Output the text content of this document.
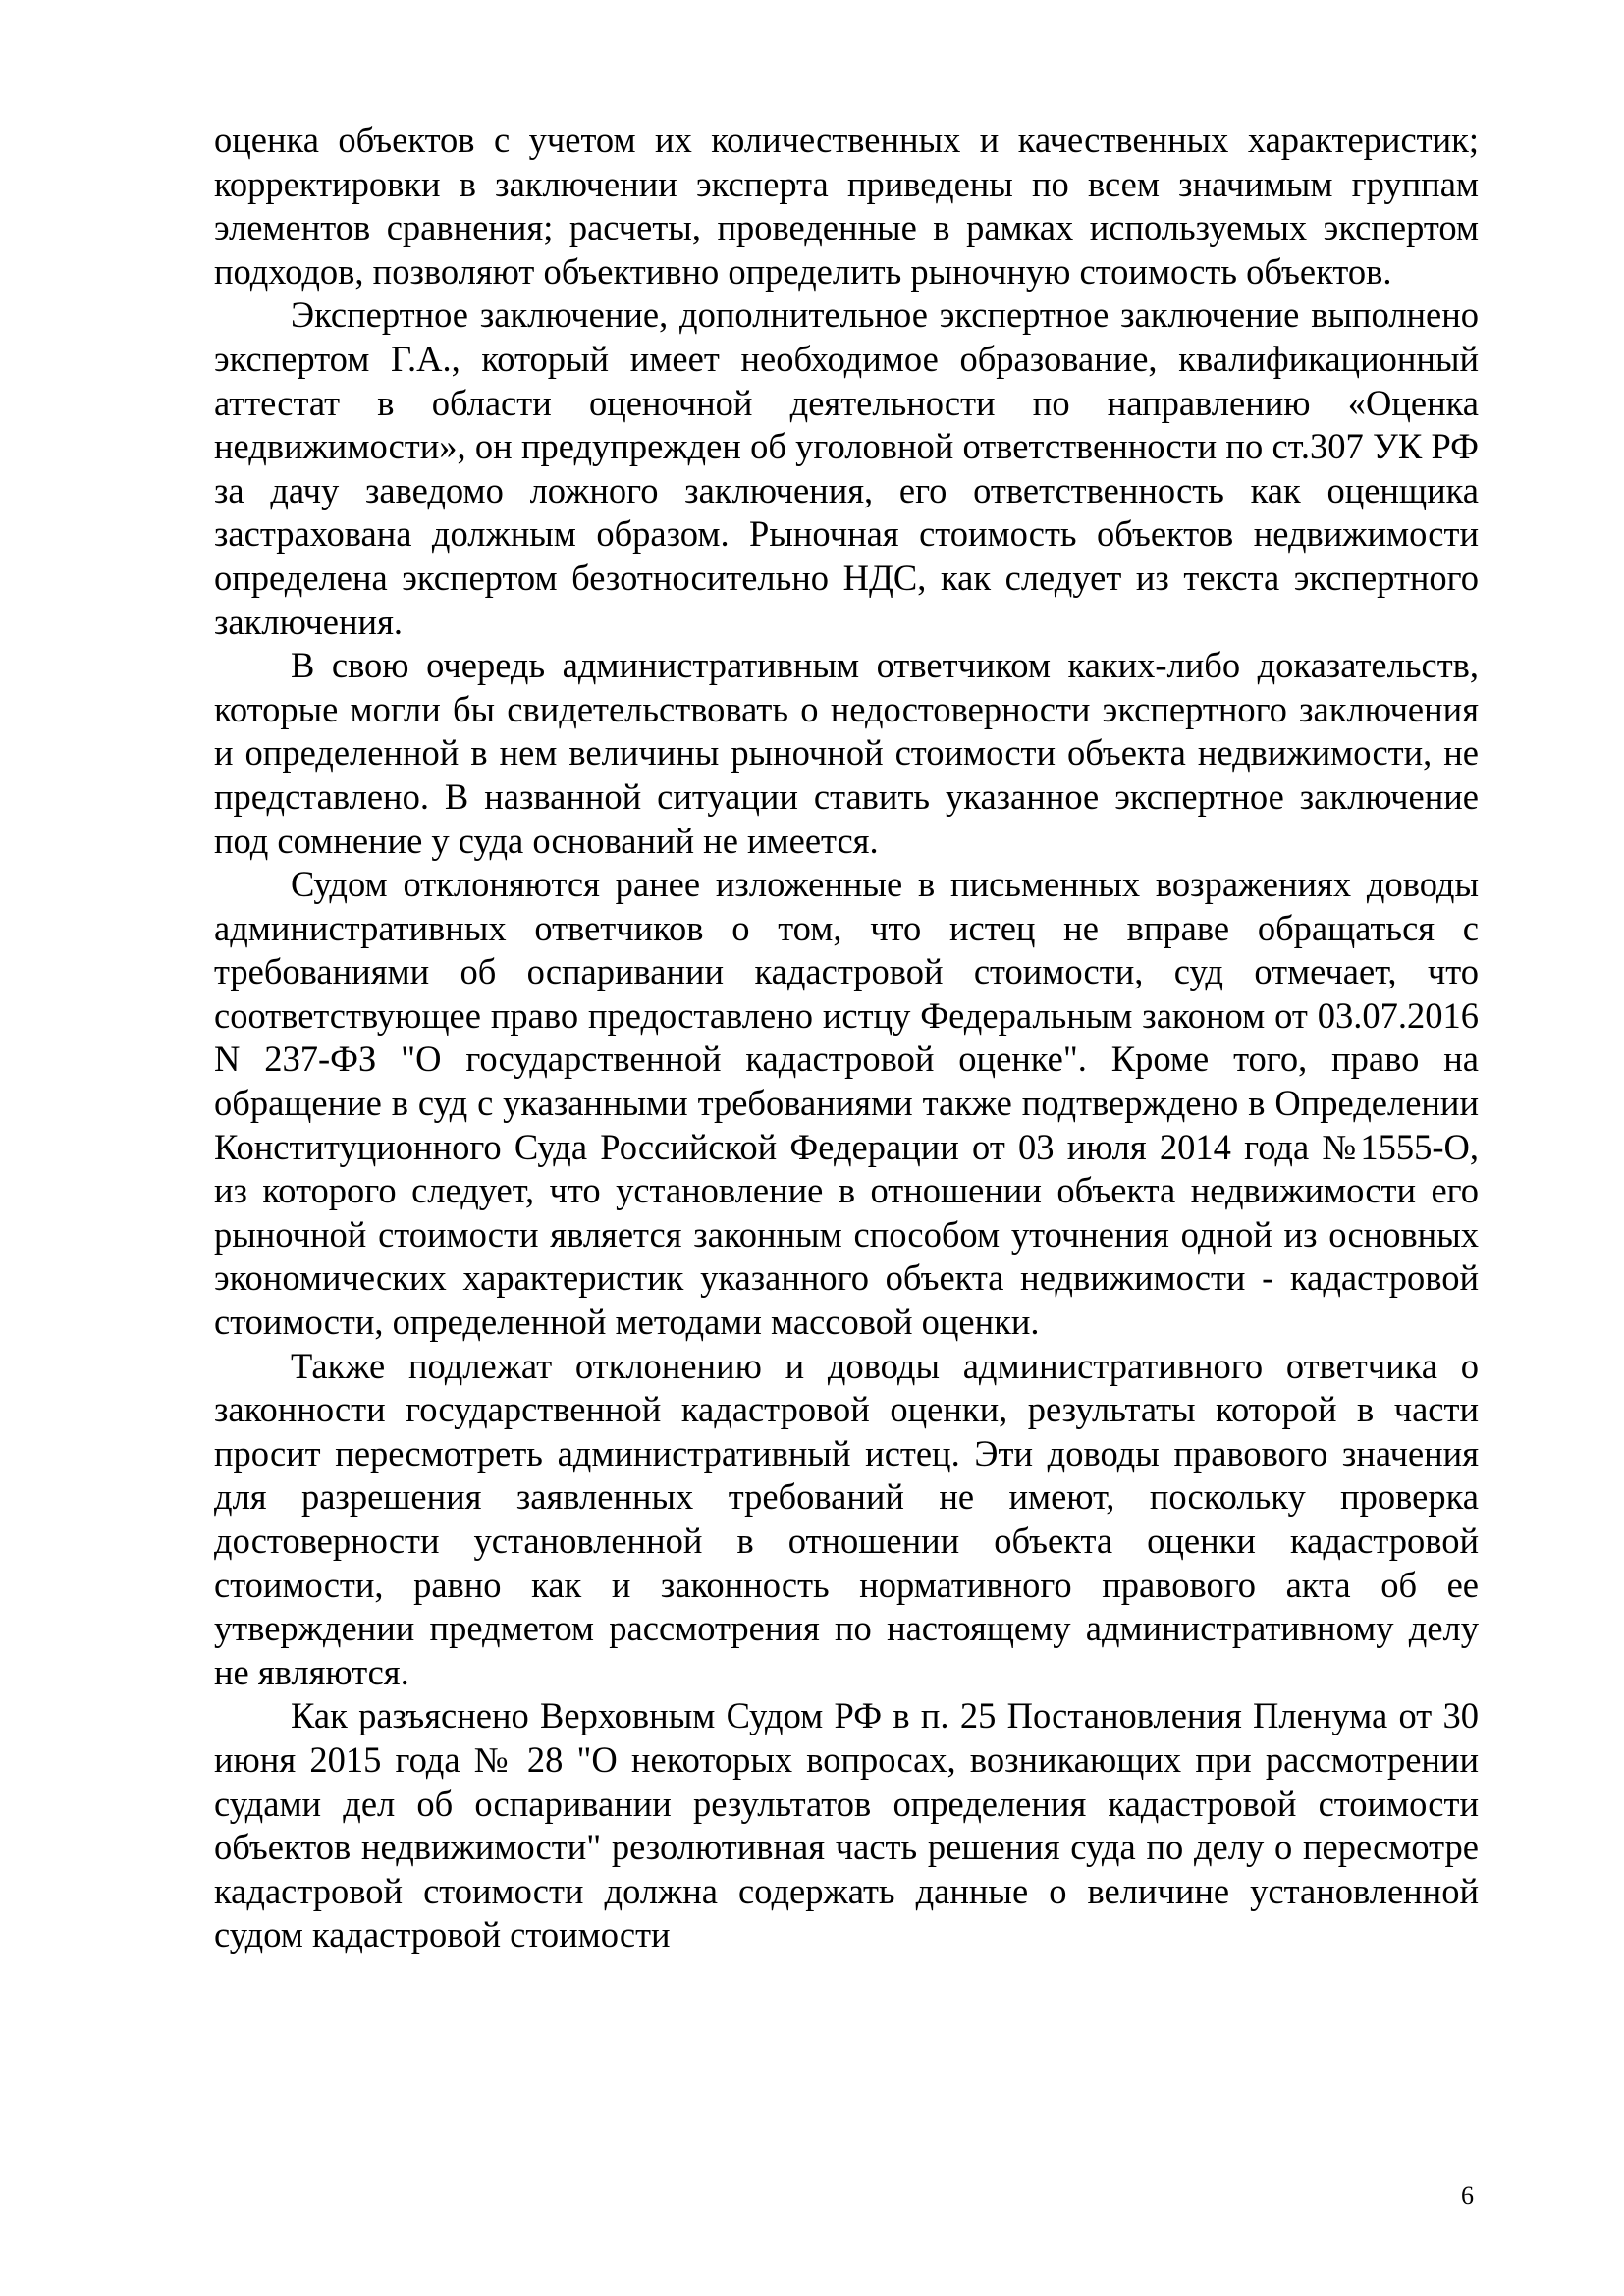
оценка объектов с учетом их количественных и качественных характеристик; корректировки в заключении эксперта приведены по всем значимым группам элементов сравнения; расчеты, проведенные в рамках используемых экспертом подходов, позволяют объективно определить рыночную стоимость объектов.

Экспертное заключение, дополнительное экспертное заключение выполнено экспертом Г.А., который имеет необходимое образование, квалификационный аттестат в области оценочной деятельности по направлению «Оценка недвижимости», он предупрежден об уголовной ответственности по ст.307 УК РФ за дачу заведомо ложного заключения, его ответственность как оценщика застрахована должным образом. Рыночная стоимость объектов недвижимости определена экспертом безотносительно НДС, как следует из текста экспертного заключения.

В свою очередь административным ответчиком каких-либо доказательств, которые могли бы свидетельствовать о недостоверности экспертного заключения и определенной в нем величины рыночной стоимости объекта недвижимости, не представлено. В названной ситуации ставить указанное экспертное заключение под сомнение у суда оснований не имеется.

Судом отклоняются ранее изложенные в письменных возражениях доводы административных ответчиков о том, что истец не вправе обращаться с требованиями об оспаривании кадастровой стоимости, суд отмечает, что соответствующее право предоставлено истцу Федеральным законом от 03.07.2016 N 237-ФЗ "О государственной кадастровой оценке". Кроме того, право на обращение в суд с указанными требованиями также подтверждено в Определении Конституционного Суда Российской Федерации от 03 июля 2014 года №1555-О, из которого следует, что установление в отношении объекта недвижимости его рыночной стоимости является законным способом уточнения одной из основных экономических характеристик указанного объекта недвижимости - кадастровой стоимости, определенной методами массовой оценки.

Также подлежат отклонению и доводы административного ответчика о законности государственной кадастровой оценки, результаты которой в части просит пересмотреть административный истец. Эти доводы правового значения для разрешения заявленных требований не имеют, поскольку проверка достоверности установленной в отношении объекта оценки кадастровой стоимости, равно как и законность нормативного правового акта об ее утверждении предметом рассмотрения по настоящему административному делу не являются.

Как разъяснено Верховным Судом РФ в п. 25 Постановления Пленума от 30 июня 2015 года № 28 "О некоторых вопросах, возникающих при рассмотрении судами дел об оспаривании результатов определения кадастровой стоимости объектов недвижимости" резолютивная часть решения суда по делу о пересмотре кадастровой стоимости должна содержать данные о величине установленной судом кадастровой стоимости

6
